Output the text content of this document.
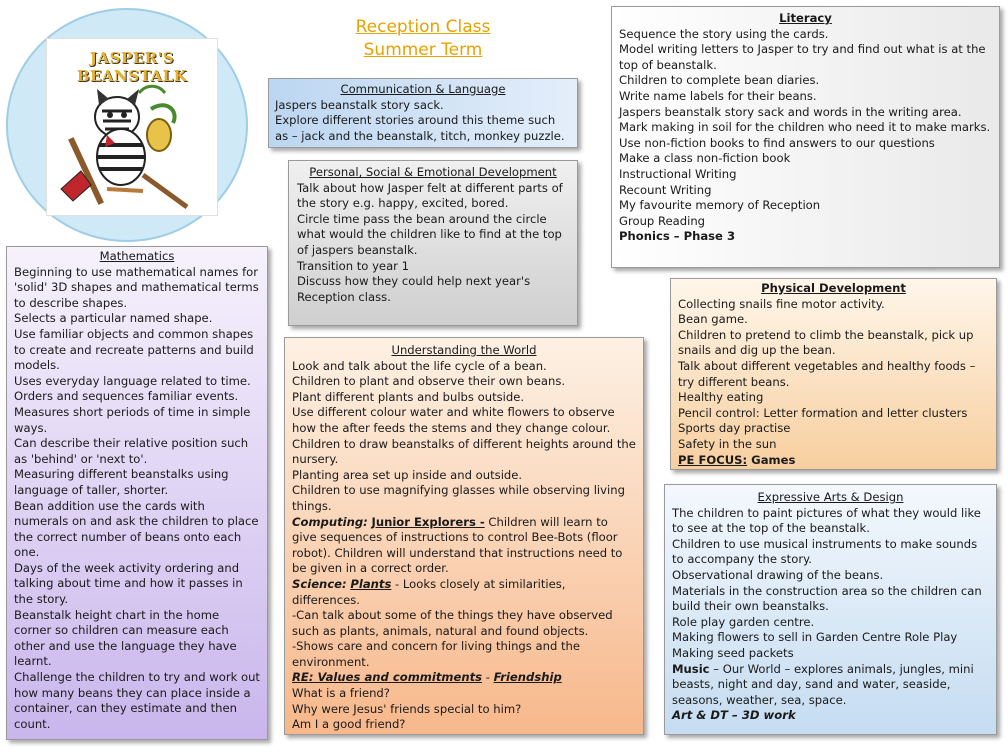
JASPER'S BEANSTALK
Reception Class Summer Term
Communication & Language
Jaspers beanstalk story sack.
Explore different stories around this theme such as – jack and the beanstalk, titch, monkey puzzle.
Personal, Social & Emotional Development
Talk about how Jasper felt at different parts of the story e.g. happy, excited, bored.
Circle time pass the bean around the circle what would the children like to find at the top of jaspers beanstalk.
Transition to year 1
Discuss how they could help next year's Reception class.
Mathematics
Beginning to use mathematical names for 'solid' 3D shapes and mathematical terms to describe shapes.
Selects a particular named shape.
Use familiar objects and common shapes to create and recreate patterns and build models.
Uses everyday language related to time.
Orders and sequences familiar events.
Measures short periods of time in simple ways.
Can describe their relative position such as 'behind' or 'next to'.
Measuring different beanstalks using language of taller, shorter.
Bean addition use the cards with numerals on and ask the children to place the correct number of beans onto each one.
Days of the week activity ordering and talking about time and how it passes in the story.
Beanstalk height chart in the home corner so children can measure each other and use the language they have learnt.
Challenge the children to try and work out how many beans they can place inside a container, can they estimate and then count.
Understanding the World
Look and talk about the life cycle of a bean.
Children to plant and observe their own beans.
Plant different plants and bulbs outside.
Use different colour water and white flowers to observe how the after feeds the stems and they change colour.
Children to draw beanstalks of different heights around the nursery.
Planting area set up inside and outside.
Children to use magnifying glasses while observing living things.
Computing: Junior Explorers - Children will learn to give sequences of instructions to control Bee-Bots (floor robot). Children will understand that instructions need to be given in a correct order.
Science: Plants - Looks closely at similarities, differences.
-Can talk about some of the things they have observed such as plants, animals, natural and found objects.
-Shows care and concern for living things and the environment.
RE: Values and commitments - Friendship
What is a friend?
Why were Jesus' friends special to him?
Am I a good friend?
Literacy
Sequence the story using the cards.
Model writing letters to Jasper to try and find out what is at the top of beanstalk.
Children to complete bean diaries.
Write name labels for their beans.
Jaspers beanstalk story sack and words in the writing area.
Mark making in soil for the children who need it to make marks.
Use non-fiction books to find answers to our questions
Make a class non-fiction book
Instructional Writing
Recount Writing
My favourite memory of Reception
Group Reading
Phonics – Phase 3
Physical Development
Collecting snails fine motor activity.
Bean game.
Children to pretend to climb the beanstalk, pick up snails and dig up the bean.
Talk about different vegetables and healthy foods – try different beans.
Healthy eating
Pencil control: Letter formation and letter clusters
Sports day practise
Safety in the sun
PE FOCUS: Games
Expressive Arts & Design
The children to paint pictures of what they would like to see at the top of the beanstalk.
Children to use musical instruments to make sounds to accompany the story.
Observational drawing of the beans.
Materials in the construction area so the children can build their own beanstalks.
Role play garden centre.
Making flowers to sell in Garden Centre Role Play
Making seed packets
Music – Our World – explores animals, jungles, mini beasts, night and day, sand and water, seaside, seasons, weather, sea, space.
Art & DT – 3D work
